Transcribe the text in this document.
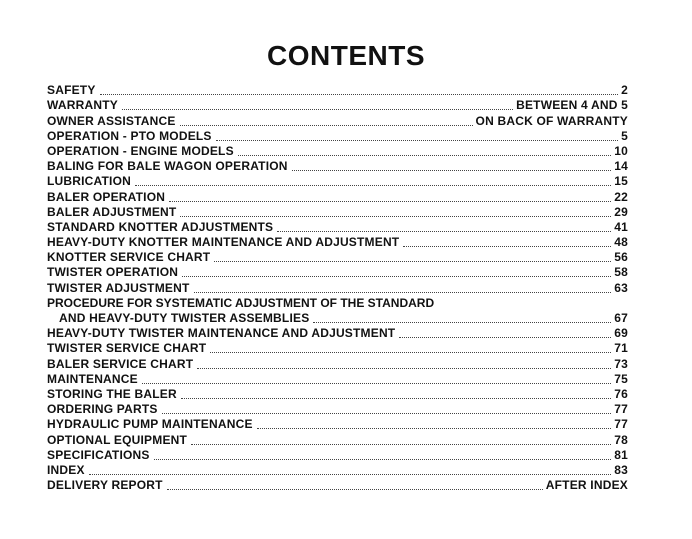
CONTENTS
SAFETY	2
WARRANTY	BETWEEN 4 AND 5
OWNER ASSISTANCE	ON BACK OF WARRANTY
OPERATION - PTO MODELS	5
OPERATION - ENGINE MODELS	10
BALING FOR BALE WAGON OPERATION	14
LUBRICATION	15
BALER OPERATION	22
BALER ADJUSTMENT	29
STANDARD KNOTTER ADJUSTMENTS	41
HEAVY-DUTY KNOTTER MAINTENANCE AND ADJUSTMENT	48
KNOTTER SERVICE CHART	56
TWISTER OPERATION	58
TWISTER ADJUSTMENT	63
PROCEDURE FOR SYSTEMATIC ADJUSTMENT OF THE STANDARD
AND HEAVY-DUTY TWISTER ASSEMBLIES	67
HEAVY-DUTY TWISTER MAINTENANCE AND ADJUSTMENT	69
TWISTER SERVICE CHART	71
BALER SERVICE CHART	73
MAINTENANCE	75
STORING THE BALER	76
ORDERING PARTS	77
HYDRAULIC PUMP MAINTENANCE	77
OPTIONAL EQUIPMENT	78
SPECIFICATIONS	81
INDEX	83
DELIVERY REPORT	AFTER INDEX
